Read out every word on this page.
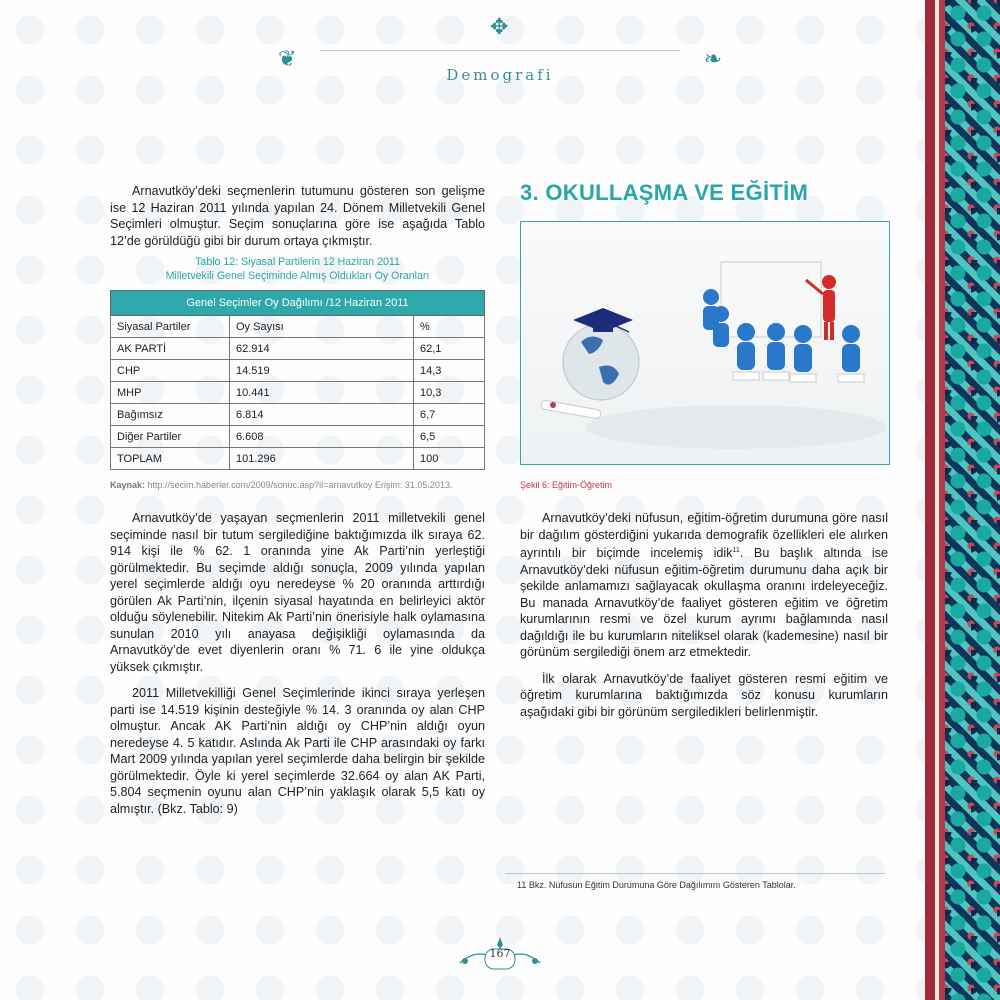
✥
❦	❧
Demografi

Arnavutköy’deki seçmenlerin tutumunu gösteren son gelişme ise 12 Haziran 2011 yılında yapılan 24. Dönem Milletvekili Genel Seçimleri olmuştur. Seçim sonuçlarına göre ise aşağıda Tablo 12’de görüldüğü gibi bir durum ortaya çıkmıştır.

Tablo 12: Siyasal Partilerin 12 Haziran 2011
Milletvekili Genel Seçiminde Almış Oldukları Oy Oranları
Genel Seçimler Oy Dağılımı /12 Haziran 2011		
Siyasal Partiler	Oy Sayısı	%
AK PARTİ	62.914	62,1
CHP	14.519	14,3
MHP	10.441	10,3
Bağımsız	6.814	6,7
Diğer Partiler	6.608	6,5
TOPLAM	101.296	100
Kaynak: http://secim.haberler.com/2009/sonuc.asp?il=arnavutkoy Erişim: 31.05.2013.

Arnavutköy’de yaşayan seçmenlerin 2011 milletvekili genel seçiminde nasıl bir tutum sergilediğine baktığımızda ilk sıraya 62. 914 kişi ile % 62. 1 oranında yine Ak Parti’nin yerleştiği görülmektedir. Bu seçimde aldığı sonuçla, 2009 yılında yapılan yerel seçimlerde aldığı oyu neredeyse % 20 oranında arttırdığı görülen Ak Parti’nin, ilçenin siyasal hayatında en belirleyici aktör olduğu söylenebilir. Nitekim Ak Parti’nin önerisiyle halk oylamasına sunulan 2010 yılı anayasa değişikliği oylamasında da Arnavutköy’de evet diyenlerin oranı % 71. 6 ile yine oldukça yüksek çıkmıştır.

2011 Milletvekilliği Genel Seçimlerinde ikinci sıraya yerleşen parti ise 14.519 kişinin desteğiyle % 14. 3 oranında oy alan CHP olmuştur. Ancak AK Parti’nin aldığı oy CHP’nin aldığı oyun neredeyse 4. 5 katıdır. Aslında Ak Parti ile CHP arasındaki oy farkı Mart 2009 yılında yapılan yerel seçimlerde daha belirgin bir şekilde görülmektedir. Öyle ki yerel seçimlerde 32.664 oy alan AK Parti, 5.804 seçmenin oyunu alan CHP’nin yaklaşık olarak 5,5 katı oy almıştır. (Bkz. Tablo: 9)

3. OKULLAŞMA VE EĞİTİM
Şekil 6: Eğitim-Öğretim

Arnavutköy’deki nüfusun, eğitim-öğretim durumuna göre nasıl bir dağılım gösterdiğini yukarıda demografik özellikleri ele alırken ayrıntılı bir biçimde incelemiş idik$^{11}$. Bu başlık altında ise Arnavutköy’deki nüfusun eğitim-öğretim durumunu daha açık bir şekilde anlamamızı sağlayacak okullaşma oranını irdeleyeceğiz. Bu manada Arnavutköy’de faaliyet gösteren eğitim ve öğretim kurumlarının resmi ve özel kurum ayrımı bağlamında nasıl dağıldığı ile bu kurumların niteliksel olarak (kademesine) nasıl bir görünüm sergilediği önem arz etmektedir.

İlk olarak Arnavutköy’de faaliyet gösteren resmi eğitim ve öğretim kurumlarına baktığımızda söz konusu kurumların aşağıdaki gibi bir görünüm sergiledikleri belirlenmiştir.

11 Bkz. Nüfusun Eğitim Durumuna Göre Dağılımını Gösteren Tablolar.
167
